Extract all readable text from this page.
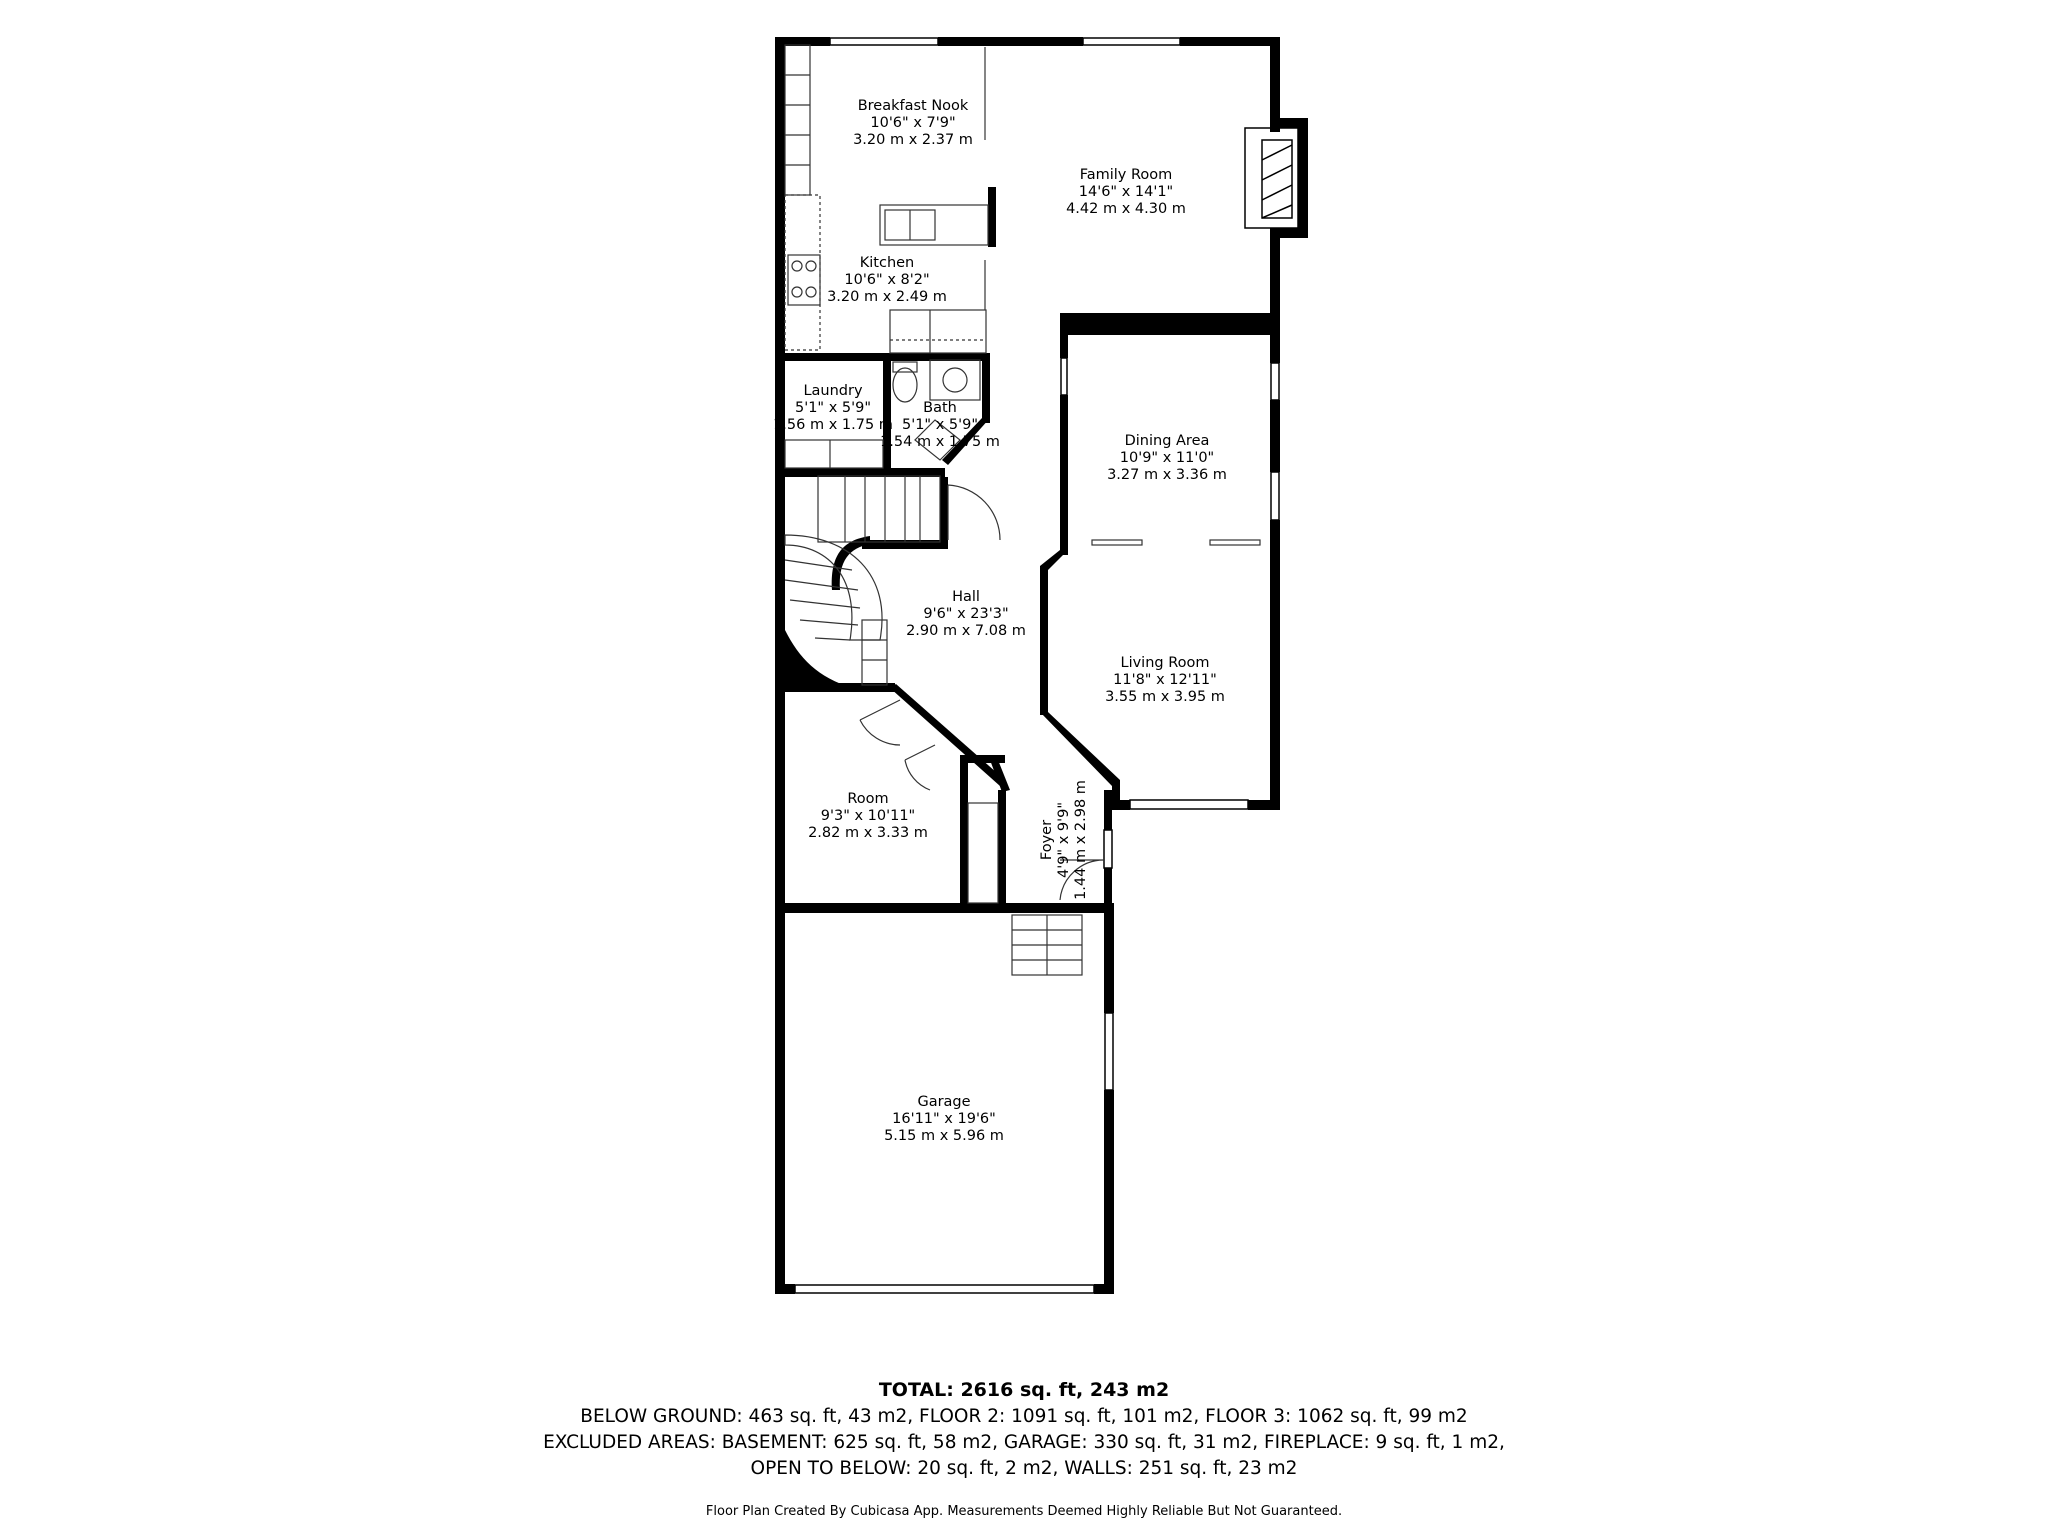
Breakfast Nook
10'6" x 7'9"
3.20 m x 2.37 m
Family Room
14'6" x 14'1"
4.42 m x 4.30 m
Kitchen
10'6" x 8'2"
3.20 m x 2.49 m
Laundry
5'1" x 5'9"
1.56 m x 1.75 m
Bath
5'1" x 5'9"
1.54 m x 1.75 m	Dining Area
10'9" x 11'0"
3.27 m x 3.36 m
Hall
9'6" x 23'3"
2.90 m x 7.08 m
Living Room
11'8" x 12'11"
3.55 m x 3.95 m
Room
9'3" x 10'11"
2.82 m x 3.33 m	Foyer 4'9" x 9'9" 1.44 m x 2.98 m
Garage
16'11" x 19'6"
5.15 m x 5.96 m
TOTAL: 2616 sq. ft, 243 m2
BELOW GROUND: 463 sq. ft, 43 m2, FLOOR 2: 1091 sq. ft, 101 m2, FLOOR 3: 1062 sq. ft, 99 m2
EXCLUDED AREAS: BASEMENT: 625 sq. ft, 58 m2, GARAGE: 330 sq. ft, 31 m2, FIREPLACE: 9 sq. ft, 1 m2,
OPEN TO BELOW: 20 sq. ft, 2 m2, WALLS: 251 sq. ft, 23 m2
Floor Plan Created By Cubicasa App. Measurements Deemed Highly Reliable But Not Guaranteed.
